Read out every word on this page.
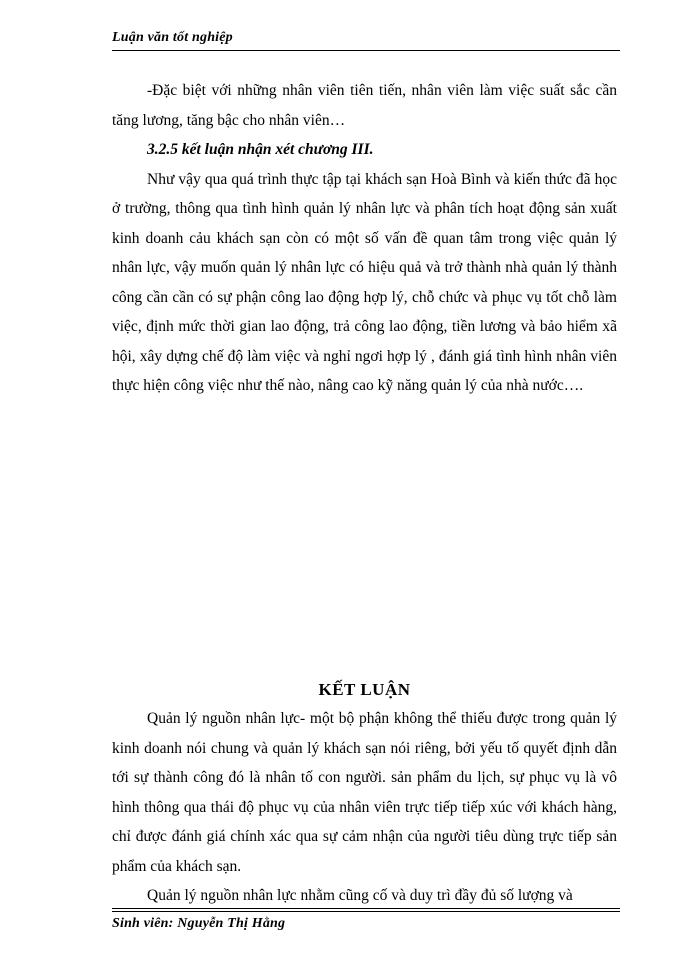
Luận văn tốt nghiệp

-Đặc biệt với những nhân viên tiên tiến, nhân viên làm việc suất sắc cần tăng lương, tăng bậc cho nhân viên…

3.2.5 kết luận nhận xét chương III.

Như vậy qua quá trình thực tập tại khách sạn Hoà Bình và kiến thức đã học ở trường, thông qua tình hình quản lý nhân lực và phân tích hoạt động sản xuất kinh doanh cảu khách sạn còn có một số vấn đề quan tâm trong việc quản lý nhân lực, vậy muốn quản lý nhân lực có hiệu quả và trở thành nhà quản lý thành công cần cần có sự phận công lao động hợp lý, chỗ chức và phục vụ tốt chỗ làm việc, định mức thời gian lao động, trả công lao động, tiền lương và bảo hiểm xã hội, xây dựng chế độ làm việc và nghỉ ngơi hợp lý , đánh giá tình hình nhân viên thực hiện công việc như thế nào, nâng cao kỹ năng quản lý của nhà nước….

KẾT LUẬN

Quản lý nguồn nhân lực- một bộ phận không thể thiếu được trong quản lý kinh doanh nói chung và quản lý khách sạn nói riêng, bởi yếu tố quyết định dẫn tới sự thành công đó là nhân tố con người. sản phẩm du lịch, sự phục vụ là vô hình thông qua thái độ phục vụ của nhân viên trực tiếp tiếp xúc với khách hàng, chỉ được đánh giá chính xác qua sự cảm nhận của người tiêu dùng trực tiếp sản phẩm của khách sạn.

Quản lý nguồn nhân lực nhằm cũng cố và duy trì đầy đủ số lượng và

Sinh viên: Nguyễn Thị Hằng
